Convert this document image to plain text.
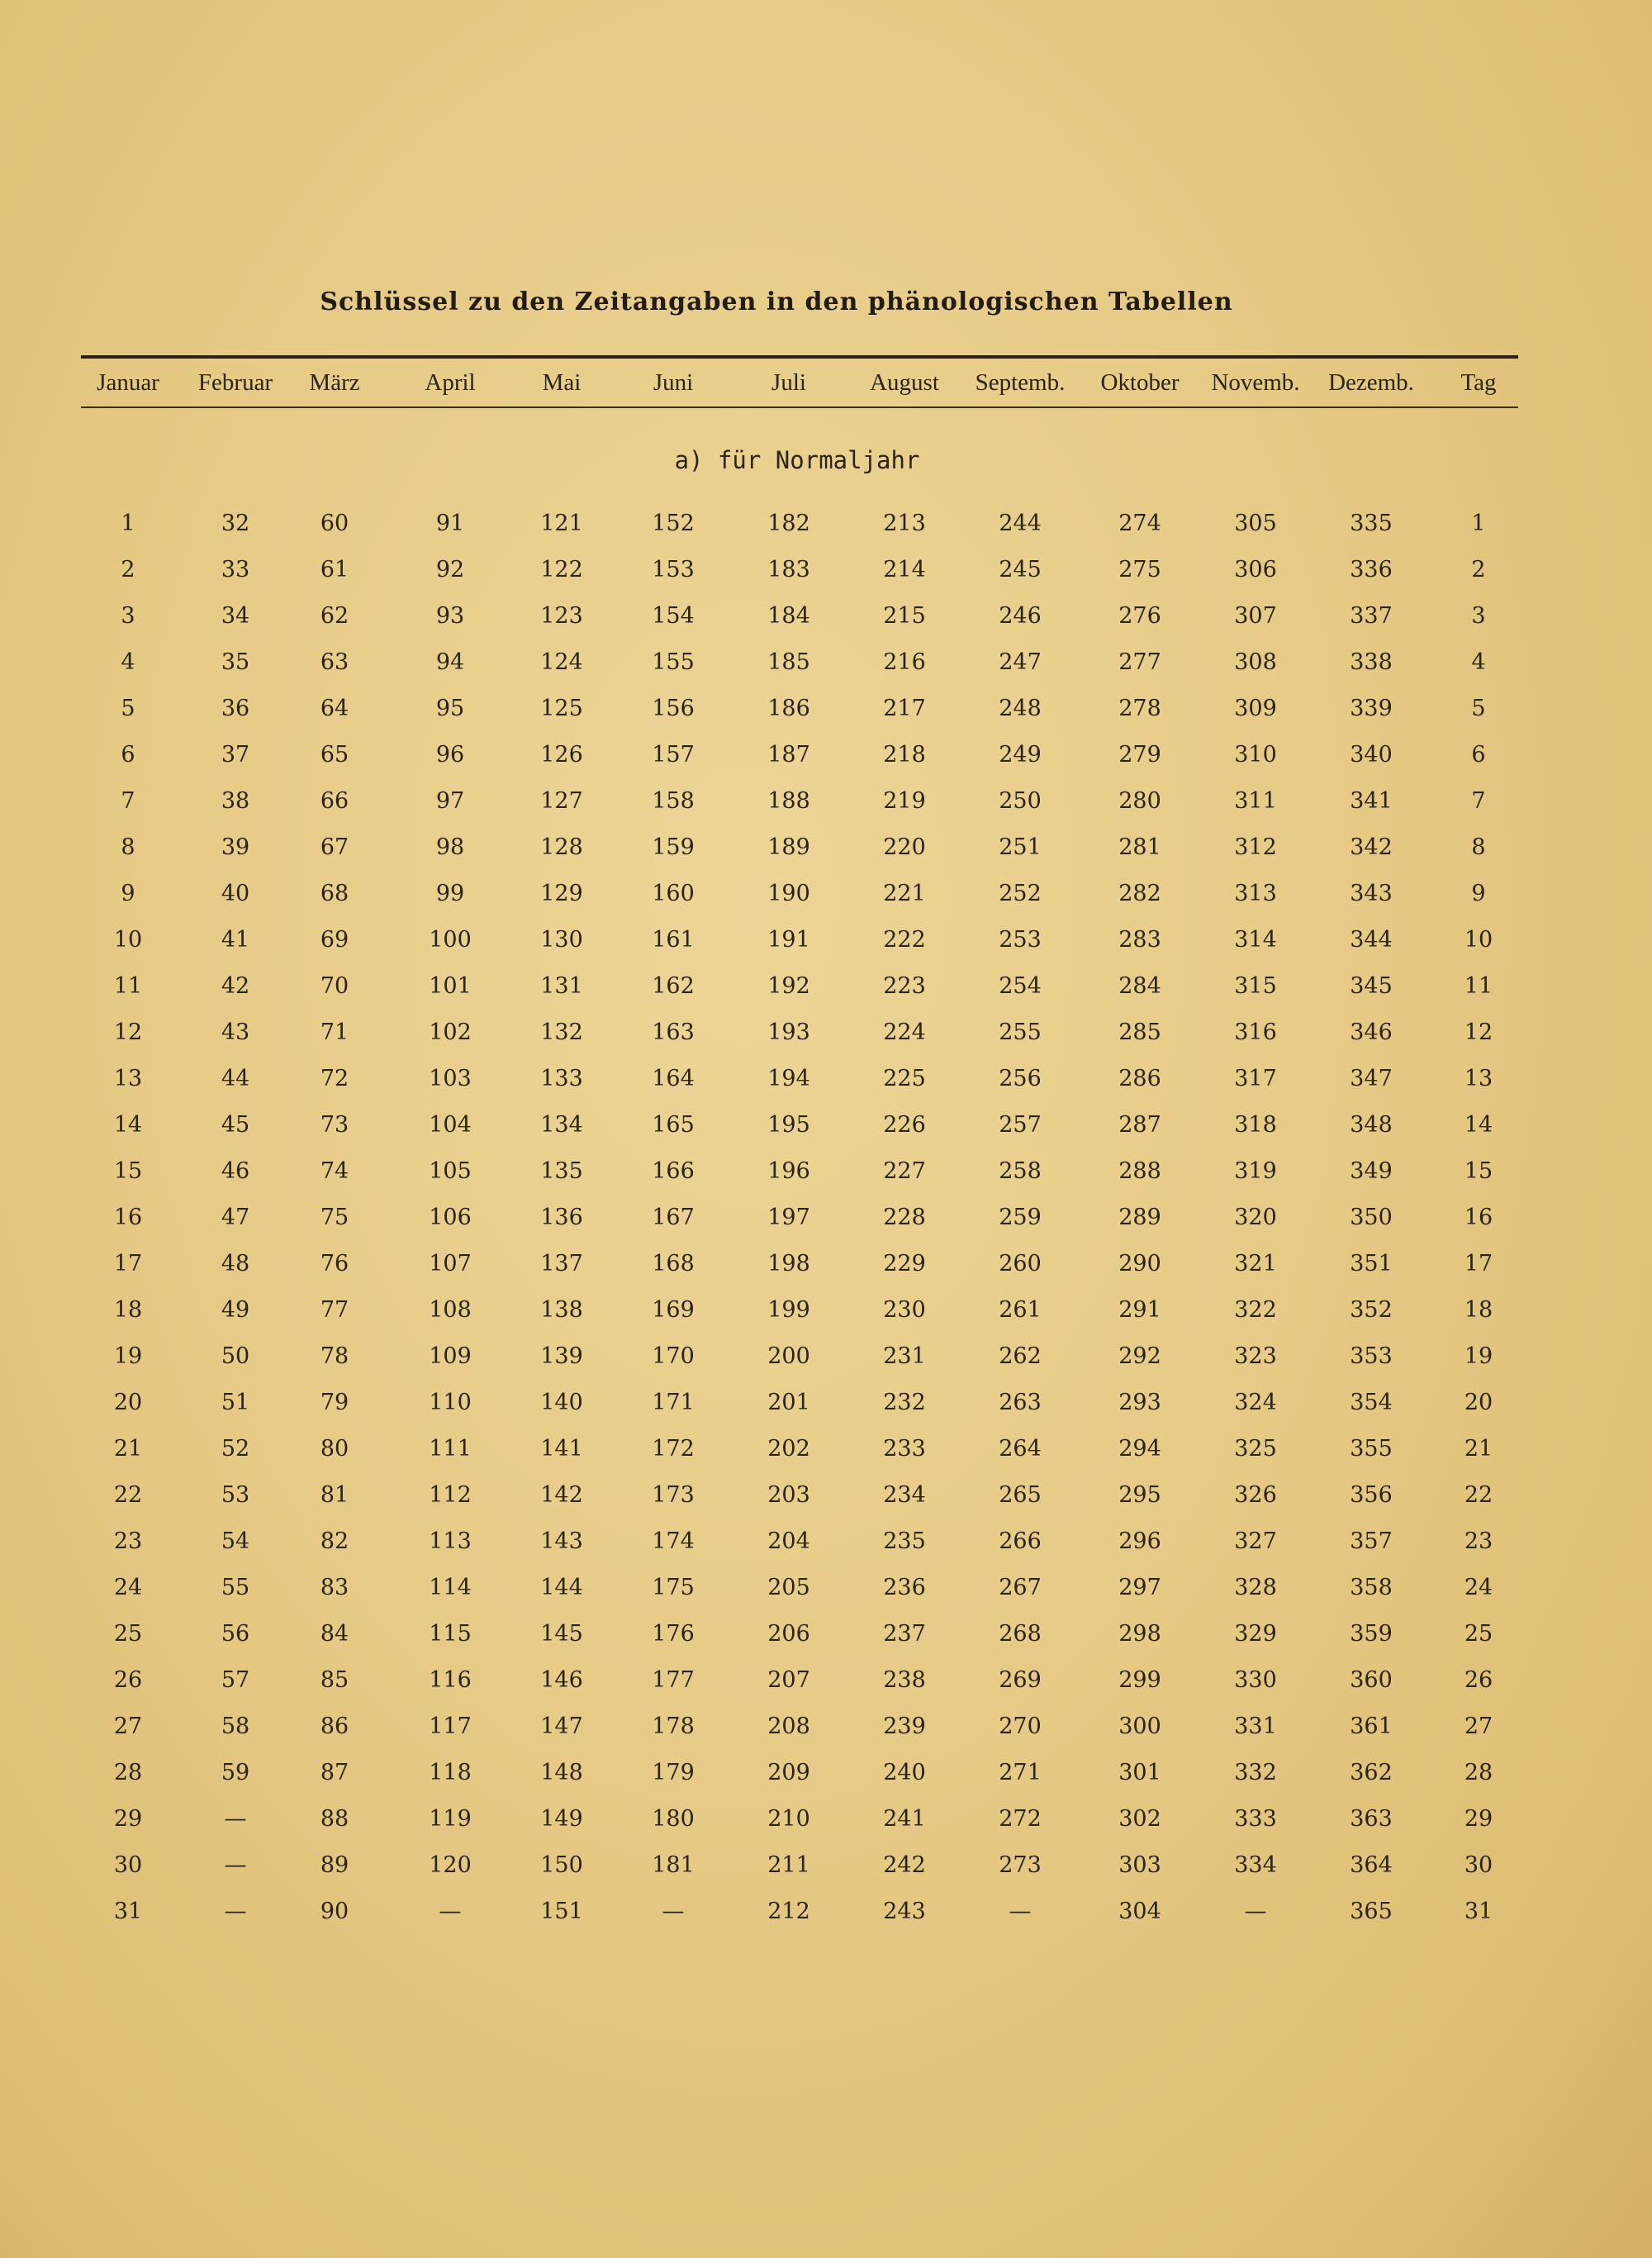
Schlüssel zu den Zeitangaben in den phänologischen Tabellen
Januar	Februar	März	April	Mai	Juni	Juli	August	Septemb.	Oktober	Novemb.	Dezemb.	Tag
a) für Normaljahr
1	32	60	91	121	152	182	213	244	274	305	335	1
2	33	61	92	122	153	183	214	245	275	306	336	2
3	34	62	93	123	154	184	215	246	276	307	337	3
4	35	63	94	124	155	185	216	247	277	308	338	4
5	36	64	95	125	156	186	217	248	278	309	339	5
6	37	65	96	126	157	187	218	249	279	310	340	6
7	38	66	97	127	158	188	219	250	280	311	341	7
8	39	67	98	128	159	189	220	251	281	312	342	8
9	40	68	99	129	160	190	221	252	282	313	343	9
10	41	69	100	130	161	191	222	253	283	314	344	10
11	42	70	101	131	162	192	223	254	284	315	345	11
12	43	71	102	132	163	193	224	255	285	316	346	12
13	44	72	103	133	164	194	225	256	286	317	347	13
14	45	73	104	134	165	195	226	257	287	318	348	14
15	46	74	105	135	166	196	227	258	288	319	349	15
16	47	75	106	136	167	197	228	259	289	320	350	16
17	48	76	107	137	168	198	229	260	290	321	351	17
18	49	77	108	138	169	199	230	261	291	322	352	18
19	50	78	109	139	170	200	231	262	292	323	353	19
20	51	79	110	140	171	201	232	263	293	324	354	20
21	52	80	111	141	172	202	233	264	294	325	355	21
22	53	81	112	142	173	203	234	265	295	326	356	22
23	54	82	113	143	174	204	235	266	296	327	357	23
24	55	83	114	144	175	205	236	267	297	328	358	24
25	56	84	115	145	176	206	237	268	298	329	359	25
26	57	85	116	146	177	207	238	269	299	330	360	26
27	58	86	117	147	178	208	239	270	300	331	361	27
28	59	87	118	148	179	209	240	271	301	332	362	28
29	—	88	119	149	180	210	241	272	302	333	363	29
30	—	89	120	150	181	211	242	273	303	334	364	30
31	—	90	—	151	—	212	243	—	304	—	365	31
